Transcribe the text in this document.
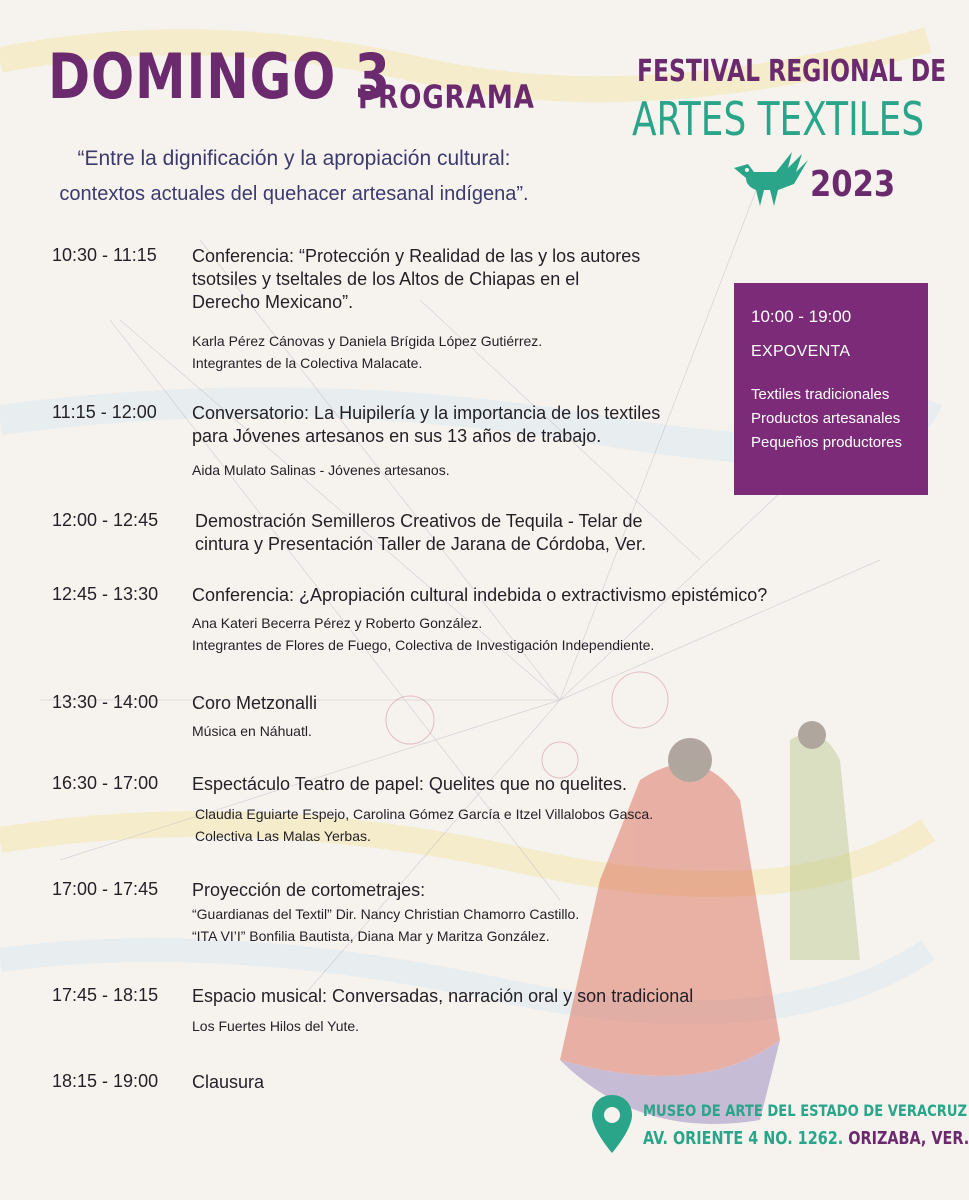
DOMINGO 3
PROGRAMA
“Entre la dignificación y la apropiación cultural:
contextos actuales del quehacer artesanal indígena”.
FESTIVAL REGIONAL DE
ARTES TEXTILES
2023
10:00 - 19:00
EXPOVENTA
Textiles tradicionales
Productos artesanales
Pequeños productores
10:30 - 11:15 Conferencia: “Protección y Realidad de las y los autores tsotsiles y tseltales de los Altos de Chiapas en el Derecho Mexicano”.
Karla Pérez Cánovas y Daniela Brígida López Gutiérrez.
Integrantes de la Colectiva Malacate.
11:15 - 12:00 Conversatorio: La Huipilería y la importancia de los textiles para Jóvenes artesanos en sus 13 años de trabajo.
Aida Mulato Salinas - Jóvenes artesanos.
12:00 - 12:45 Demostración Semilleros Creativos de Tequila - Telar de cintura y Presentación Taller de Jarana de Córdoba, Ver.
12:45 - 13:30 Conferencia: ¿Apropiación cultural indebida o extractivismo epistémico?
Ana Kateri Becerra Pérez y Roberto González.
Integrantes de Flores de Fuego, Colectiva de Investigación Independiente.
13:30 - 14:00 Coro Metzonalli
Música en Náhuatl.
16:30 - 17:00 Espectáculo Teatro de papel: Quelites que no quelites.
Claudia Eguiarte Espejo, Carolina Gómez García e Itzel Villalobos Gasca.
Colectiva Las Malas Yerbas.
17:00 - 17:45 Proyección de cortometrajes:
“Guardianas del Textil” Dir. Nancy Christian Chamorro Castillo.
“ITA VI’I” Bonfilia Bautista, Diana Mar y Maritza González.
17:45 - 18:15 Espacio musical: Conversadas, narración oral y son tradicional
Los Fuertes Hilos del Yute.
18:15 - 19:00 Clausura
MUSEO DE ARTE DEL ESTADO DE VERACRUZ
AV. ORIENTE 4 NO. 1262. ORIZABA, VER.
